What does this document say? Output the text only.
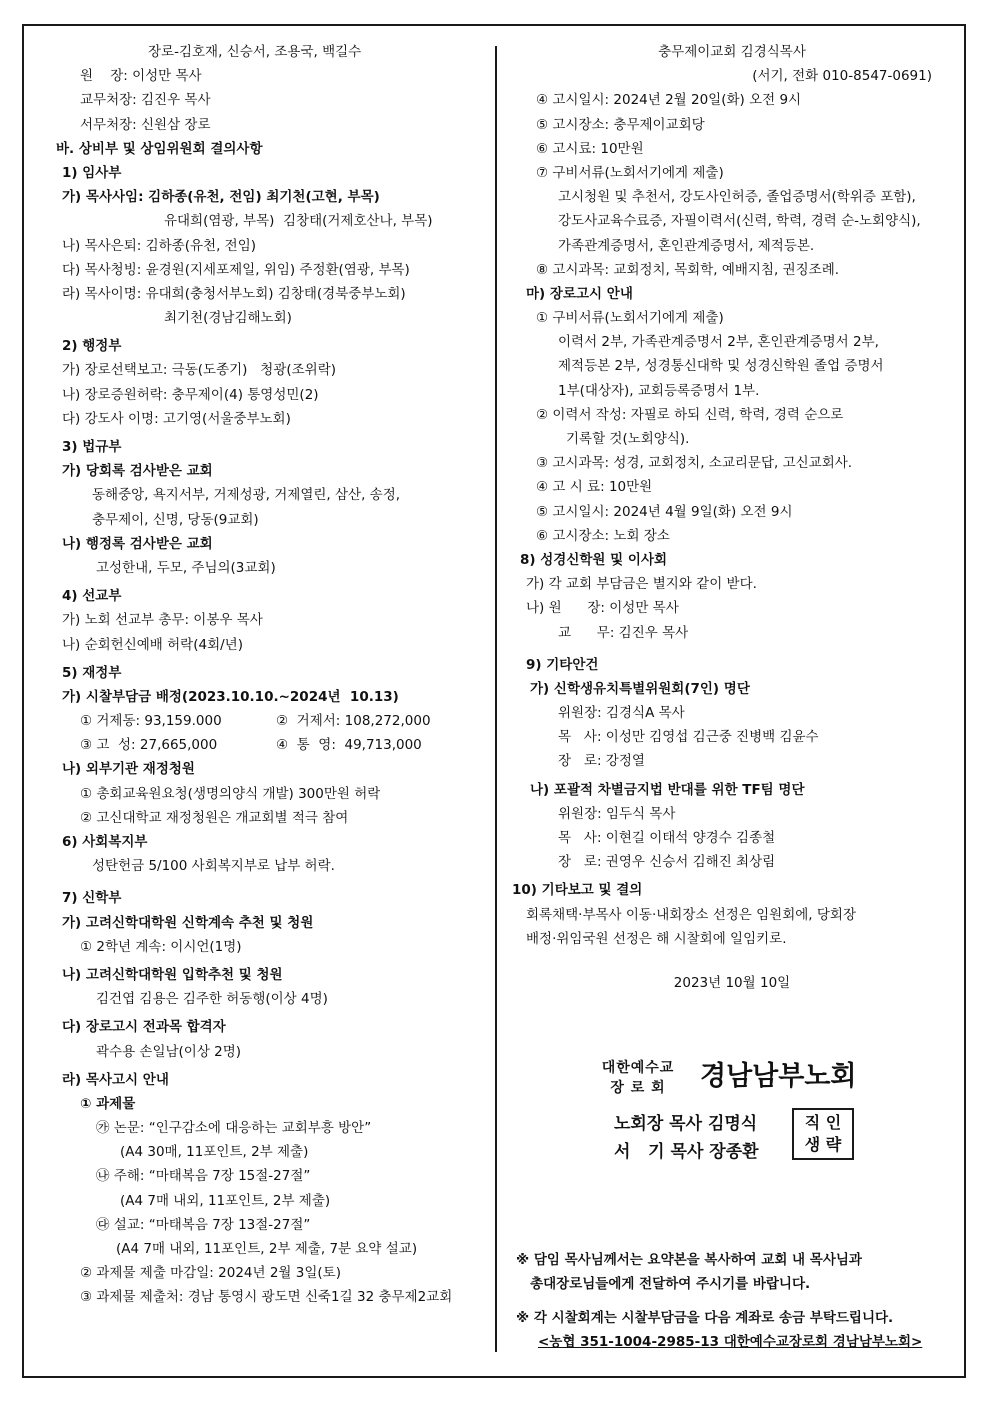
장로-김호재, 신승서, 조용국, 백길수
원    장: 이성만 목사
교무처장: 김진우 목사
서무처장: 신원삼 장로
바. 상비부 및 상임위원회 결의사항
1) 임사부
가) 목사사임: 김하종(유천, 전임) 최기천(고현, 부목)
유대희(염광, 부목)  김창태(거제호산나, 부목)
나) 목사은퇴: 김하종(유천, 전임)
다) 목사청빙: 윤경원(지세포제일, 위임) 주정환(염광, 부목)
라) 목사이명: 유대희(충청서부노회) 김창태(경북중부노회)
최기천(경남김해노회)
2) 행정부
가) 장로선택보고: 극동(도종기)   청광(조위락)
나) 장로증원허락: 충무제이(4) 통영성민(2)
다) 강도사 이명: 고기영(서울중부노회)
3) 법규부
가) 당회록 검사받은 교회
동해중앙, 욕지서부, 거제성광, 거제열린, 삼산, 송정,
충무제이, 신명, 당동(9교회)
나) 행정록 검사받은 교회
고성한내, 두모, 주님의(3교회)
4) 선교부
가) 노회 선교부 총무: 이봉우 목사
나) 순회헌신예배 허락(4회/년)
5) 재정부
가) 시찰부담금 배정(2023.10.10.~2024년  10.13)
① 거제동: 93,159.000	②  거제서: 108,272,000
③ 고  성: 27,665,000	④  통  영:  49,713,000
나) 외부기관 재정청원
① 총회교육원요청(생명의양식 개발) 300만원 허락
② 고신대학교 재정청원은 개교회별 적극 참여
6) 사회복지부
성탄헌금 5/100 사회복지부로 납부 허락.
7) 신학부
가) 고려신학대학원 신학계속 추천 및 청원
① 2학년 계속: 이시언(1명)
나) 고려신학대학원 입학추천 및 청원
김건엽 김용은 김주한 허동행(이상 4명)
다) 장로고시 전과목 합격자
곽수용 손일남(이상 2명)
라) 목사고시 안내
① 과제물
㉮ 논문: “인구감소에 대응하는 교회부흥 방안”
(A4 30매, 11포인트, 2부 제출)
㉯ 주해: “마태복음 7장 15절-27절”
(A4 7매 내외, 11포인트, 2부 제출)
㉰ 설교: “마태복음 7장 13절-27절”
(A4 7매 내외, 11포인트, 2부 제출, 7분 요약 설교)
② 과제물 제출 마감일: 2024년 2월 3일(토)
③ 과제물 제출처: 경남 통영시 광도면 신죽1길 32 충무제2교회
충무제이교회 김경식목사
(서기, 전화 010-8547-0691)
④ 고시일시: 2024년 2월 20일(화) 오전 9시
⑤ 고시장소: 충무제이교회당
⑥ 고시료: 10만원
⑦ 구비서류(노회서기에게 제출)
고시청원 및 추천서, 강도사인허증, 졸업증명서(학위증 포함),
강도사교육수료증, 자필이력서(신력, 학력, 경력 순-노회양식),
가족관계증명서, 혼인관계증명서, 제적등본.
⑧ 고시과목: 교회정치, 목회학, 예배지침, 권징조례.
마) 장로고시 안내
① 구비서류(노회서기에게 제출)
이력서 2부, 가족관계증명서 2부, 혼인관계증명서 2부,
제적등본 2부, 성경통신대학 및 성경신학원 졸업 증명서
1부(대상자), 교회등록증명서 1부.
② 이력서 작성: 자필로 하되 신력, 학력, 경력 순으로
기록할 것(노회양식).
③ 고시과목: 성경, 교회정치, 소교리문답, 고신교회사.
④ 고 시 료: 10만원
⑤ 고시일시: 2024년 4월 9일(화) 오전 9시
⑥ 고시장소: 노회 장소
8) 성경신학원 및 이사회
가) 각 교회 부담금은 별지와 같이 받다.
나) 원      장: 이성만 목사
교      무: 김진우 목사
9) 기타안건
가) 신학생유치특별위원회(7인) 명단
위원장: 김경식A 목사
목   사: 이성만 김영섭 김근중 진병백 김윤수
장   로: 강정열
나) 포괄적 차별금지법 반대를 위한 TF팀 명단
위원장: 임두식 목사
목   사: 이현길 이태석 양경수 김종철
장   로: 권영우 신승서 김해진 최상림
10) 기타보고 및 결의
회록채택·부목사 이동·내회장소 선정은 임원회에, 당회장
배정·위임국원 선정은 해 시찰회에 일임키로.
2023년 10월 10일
대한예수교
장 로 회	경남남부노회
노회장 목사 김명식
서   기 목사 장종환
직 인
생 략
※ 담임 목사님께서는 요약본을 복사하여 교회 내 목사님과
총대장로님들에게 전달하여 주시기를 바랍니다.
※ 각 시찰회계는 시찰부담금을 다음 계좌로 송금 부탁드립니다.
<농협 351-1004-2985-13 대한예수교장로회 경남남부노회>
